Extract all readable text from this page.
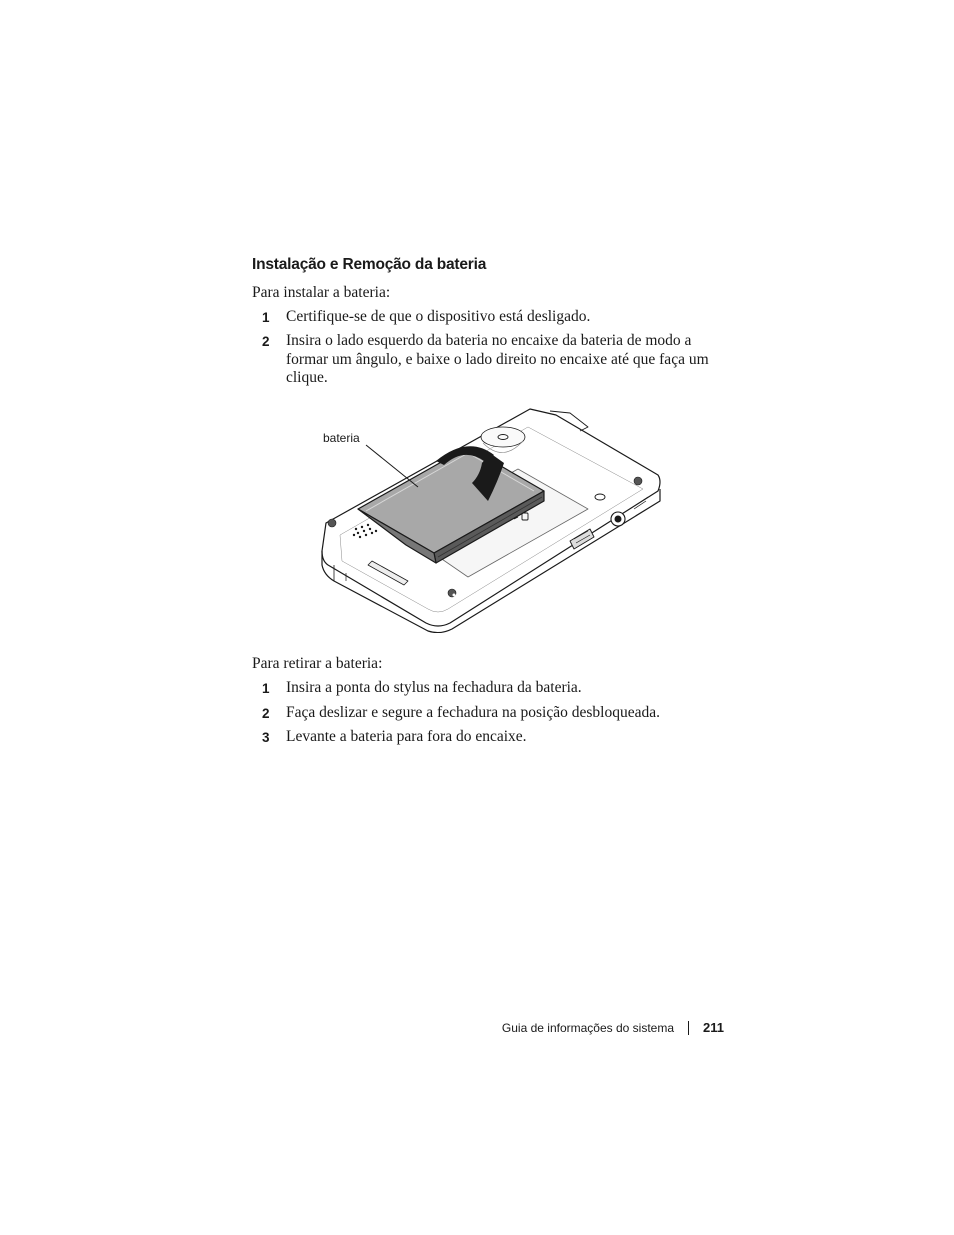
Instalação e Remoção da bateria
Para instalar a bateria:
1 Certifique-se de que o dispositivo está desligado.
2 Insira o lado esquerdo da bateria no encaixe da bateria de modo a formar um ângulo, e baixe o lado direito no encaixe até que faça um clique.
bateria
Para retirar a bateria:
1 Insira a ponta do stylus na fechadura da bateria.
2 Faça deslizar e segure a fechadura na posição desbloqueada.
3 Levante a bateria para fora do encaixe.
Guia de informações do sistema 211
